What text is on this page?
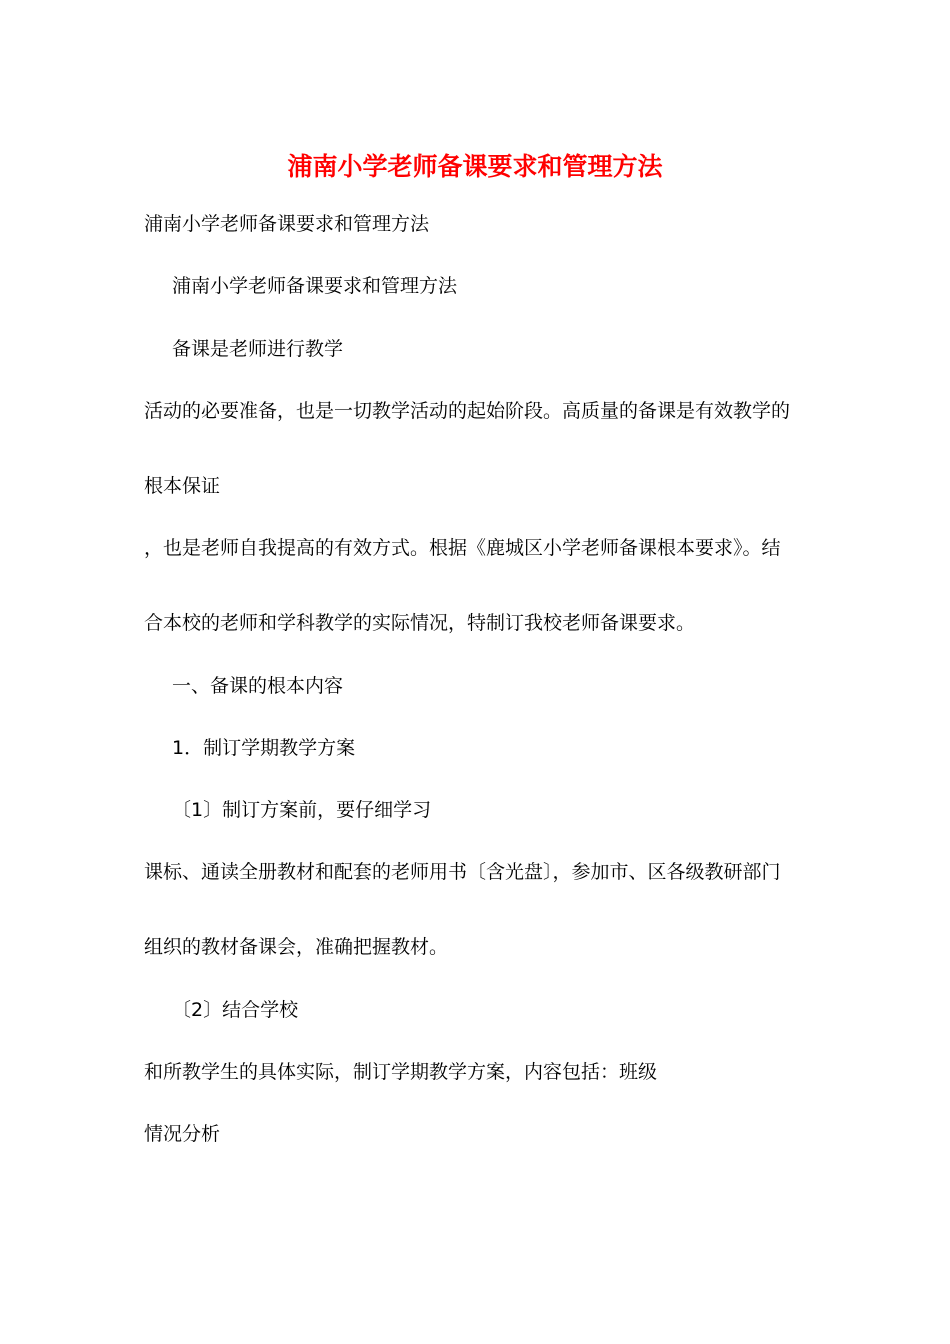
浦南小学老师备课要求和管理方法
浦南小学老师备课要求和管理方法
浦南小学老师备课要求和管理方法
备课是老师进行教学
活动的必要准备，也是一切教学活动的起始阶段。高质量的备课是有效教学的
根本保证
，也是老师自我提高的有效方式。根据《鹿城区小学老师备课根本要求》。结
合本校的老师和学科教学的实际情况，特制订我校老师备课要求。
一、备课的根本内容
1．制订学期教学方案
〔1〕制订方案前，要仔细学习
课标、通读全册教材和配套的老师用书〔含光盘〕，参加市、区各级教研部门
组织的教材备课会，准确把握教材。
〔2〕结合学校
和所教学生的具体实际，制订学期教学方案，内容包括：班级
情况分析
